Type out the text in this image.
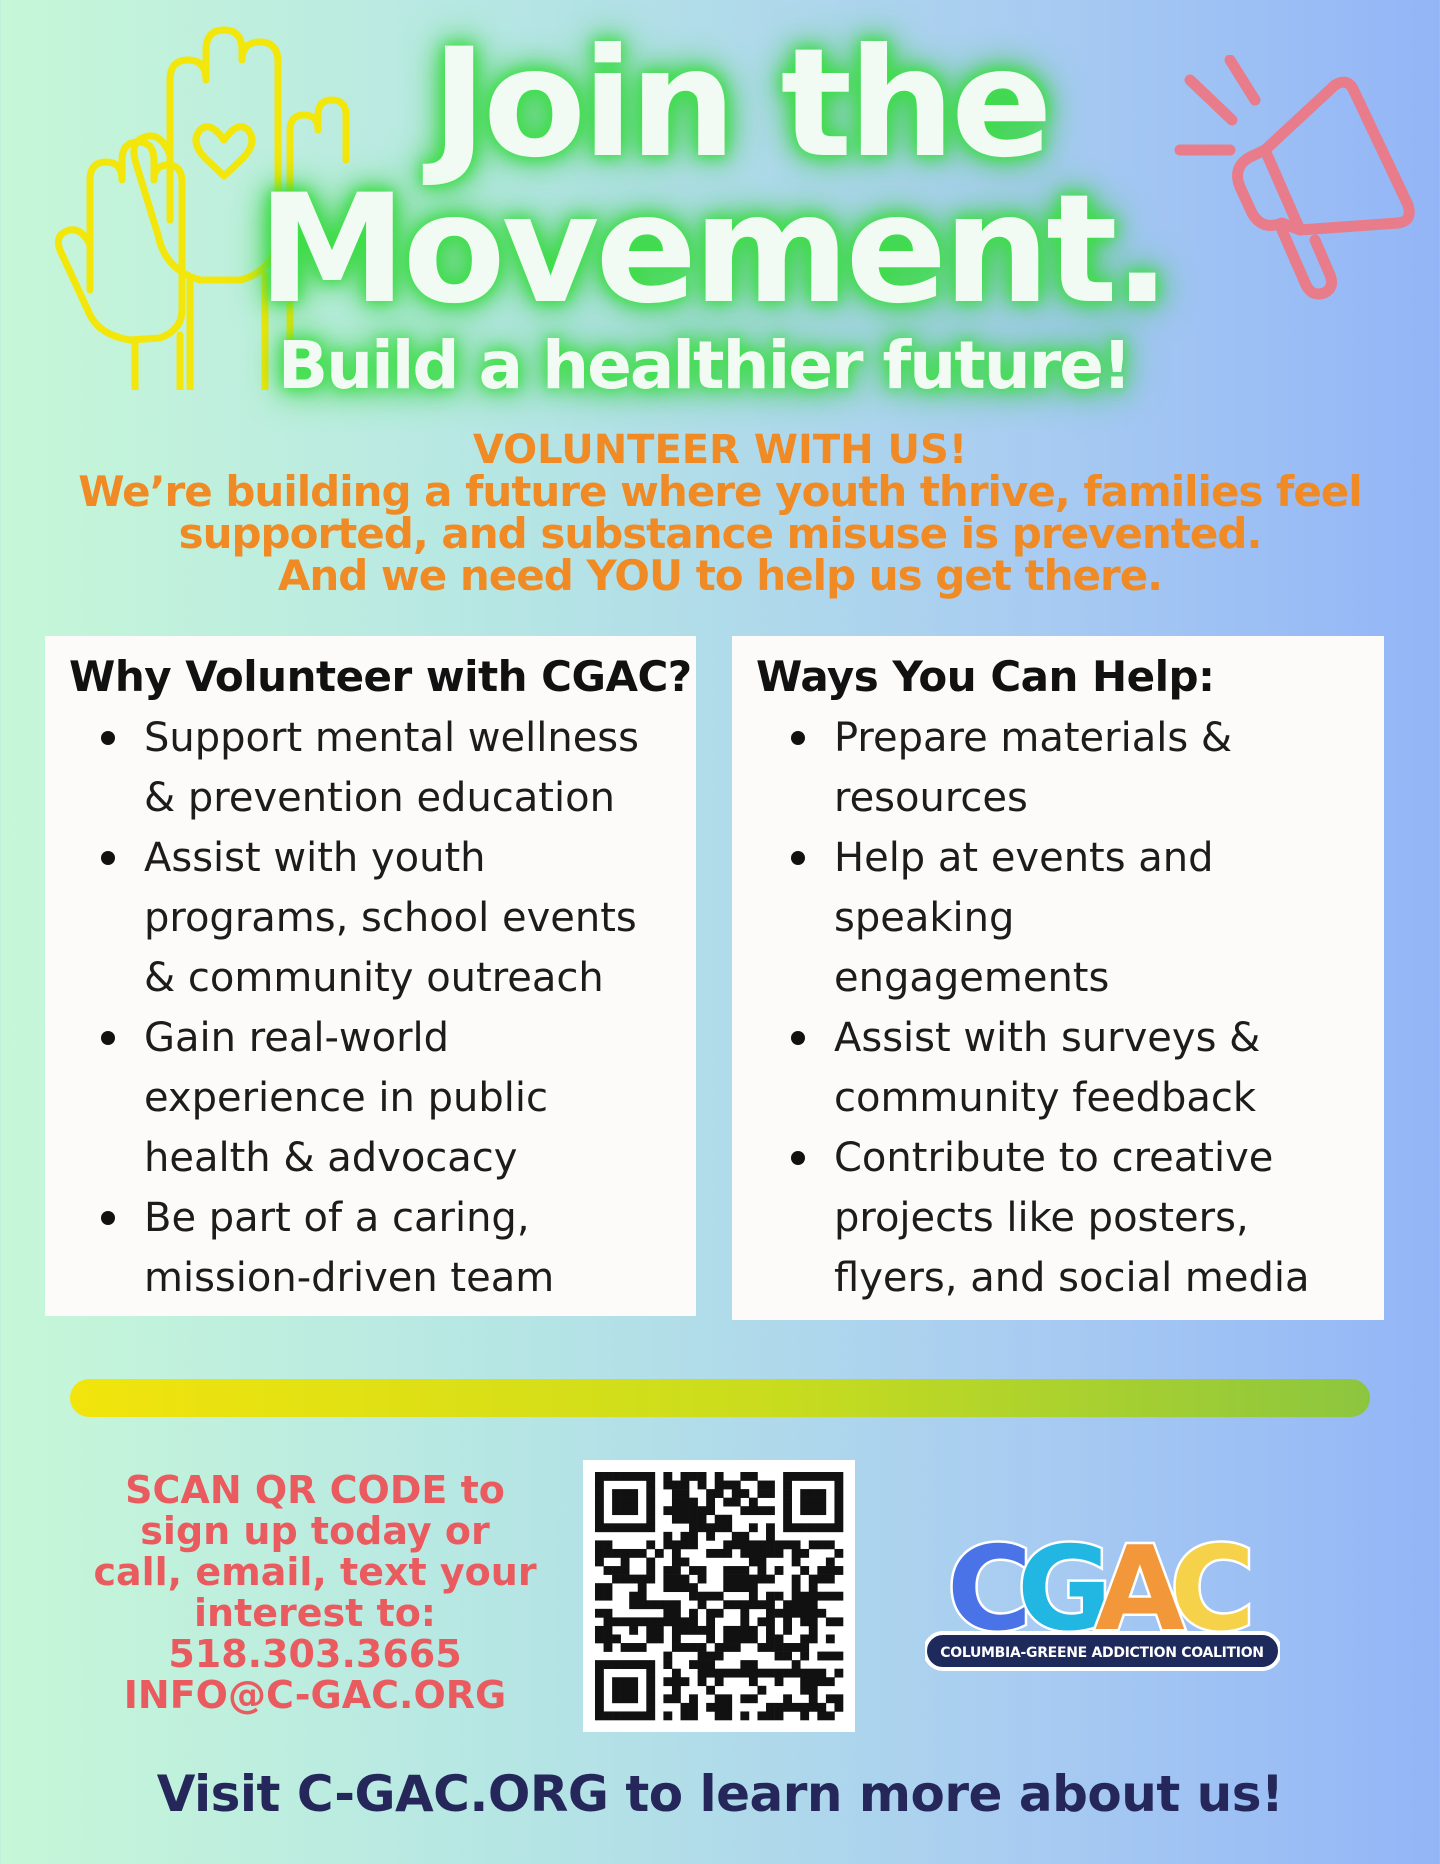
Join the
Movement.
Build a healthier future!
VOLUNTEER WITH US!
We’re building a future where youth thrive, families feel
supported, and substance misuse is prevented.
And we need YOU to help us get there.
Why Volunteer with CGAC?
Support mental wellness
& prevention education
Assist with youth
programs, school events
& community outreach
Gain real-world
experience in public
health & advocacy
Be part of a caring,
mission-driven team
Ways You Can Help:
Prepare materials &
resources
Help at events and
speaking
engagements
Assist with surveys &
community feedback
Contribute to creative
projects like posters,
flyers, and social media
SCAN QR CODE to
sign up today or
call, email, text your
interest to:
518.303.3665
INFO@C-GAC.ORG
C
G
A
C
COLUMBIA-GREENE ADDICTION COALITION
Visit C-GAC.ORG to learn more about us!
